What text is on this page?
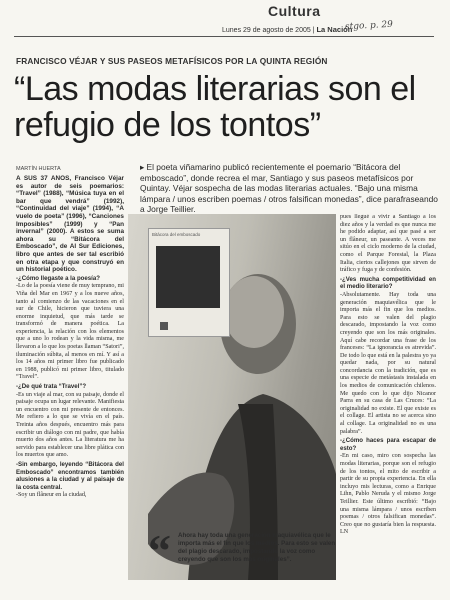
Cultura
Lunes 29 de agosto de 2005 | La Nación
stgo. p. 29
FRANCISCO VÉJAR Y SUS PASEOS METAFÍSICOS POR LA QUINTA REGIÓN
“Las modas literarias son el refugio de los tontos”
MARTÍN HUERTA

A SUS 37 AÑOS, Francisco Véjar es autor de seis poemarios: “Travel” (1988), “Música tuya en el bar que vendrá” (1992), “Continuidad del viaje” (1994), “A vuelo de poeta” (1996), “Canciones Imposibles” (1999) y “Pan invernal” (2000). A estos se suma ahora su “Bitácora del Emboscado”, de Al Sur Ediciones, libro que antes de ser tal escribió en otra etapa y que construyó en un historial poético.

-¿Cómo llegaste a la poesía?

-Lo de la poesía viene de muy temprano, mi Viña del Mar en 1967 y a los nueve años, tanto al comienzo de las vacaciones en el sur de Chile, hicieron que tuviera una enorme inquietud, que más tarde se transformó de manera poética. La experiencia, la relación con los elementos que a uno lo rodean y la vida misma, me llevaron a lo que los poetas llaman “Satori”, iluminación súbita, al menos en mí. Y así a los 14 años mi primer libro fue publicado en 1988, publicó mi primer libro, titulado “Travel”.

-¿De qué trata “Travel”?

-Es un viaje al mar, con su paisaje, donde el paisaje ocupa un lugar relevante. Manifiesta un encuentro con mi presente de entonces. Me refiero a lo que se vivía en el país. Treinta años después, encuentro más para escribir un diálogo con mi padre, que había muerto dos años antes. La literatura me ha servido para establecer una libre plática con los muertos que amo.

-Sin embargo, leyendo “Bitácora del Emboscado” encontramos también alusiones a la ciudad y al paisaje de la costa central.

-Soy un flâneur en la ciudad,

▸ El poeta viñamarino publicó recientemente el poemario “Bitácora del emboscado”, donde recrea el mar, Santiago y sus paseos metafísicos por Quintay. Véjar sospecha de las modas literarias actuales. “Bajo una misma lámpara / unos escriben poemas / otros falsifican monedas”, dice parafraseando a Jorge Teillier.
Bitácora del emboscado

pues llegué a vivir a Santiago a los diez años y la verdad es que nunca me he podido adaptar, así que pasé a ser un flâneur, un paseante. A veces me sitúo en el ciclo moderno de la ciudad, como el Parque Forestal, la Plaza Italia, ciertos callejones que sirven de tráfico y fuga y de confesión.

-¿Ves mucha competitividad en el medio literario?

-Absolutamente. Hay toda una generación maquiavélica que le importa más el fin que los medios. Para esto se valen del plagio descarado, impostando la voz como creyendo que son los más originales. Aquí cabe recordar una frase de los franceses: “La ignorancia es atrevida”. De todo lo que está en la palestra yo ya quedar nada, por su natural concordancia con la tradición, que es una especie de metástasis instalada en los medios de comunicación chilenos. Me quedo con lo que dijo Nicanor Parra en su casa de Las Cruces: “La originalidad no existe. El que existe es el collage. El artista no se acerca sino al collage. La originalidad no es una palabra”.

-¿Cómo haces para escapar de esto?

-En mi caso, miro con sospecha las modas literarias, porque son el refugio de los tontos, el mito de escribir a partir de su propia experiencia. En ella incluyo mis lecturas, como a Enrique Lihn, Pablo Neruda y el mismo Jorge Teillier. Este último escribió: “Bajo una misma lámpara / unos escriben poemas / otros falsifican monedas”. Creo que no gustaría bien la respuesta. LN

“ Ahora hay toda una generación maquiavélica que le importa más el fin que los medios. Para esto se valen del plagio descarado, impostando la voz como creyendo que son los más originales”.
